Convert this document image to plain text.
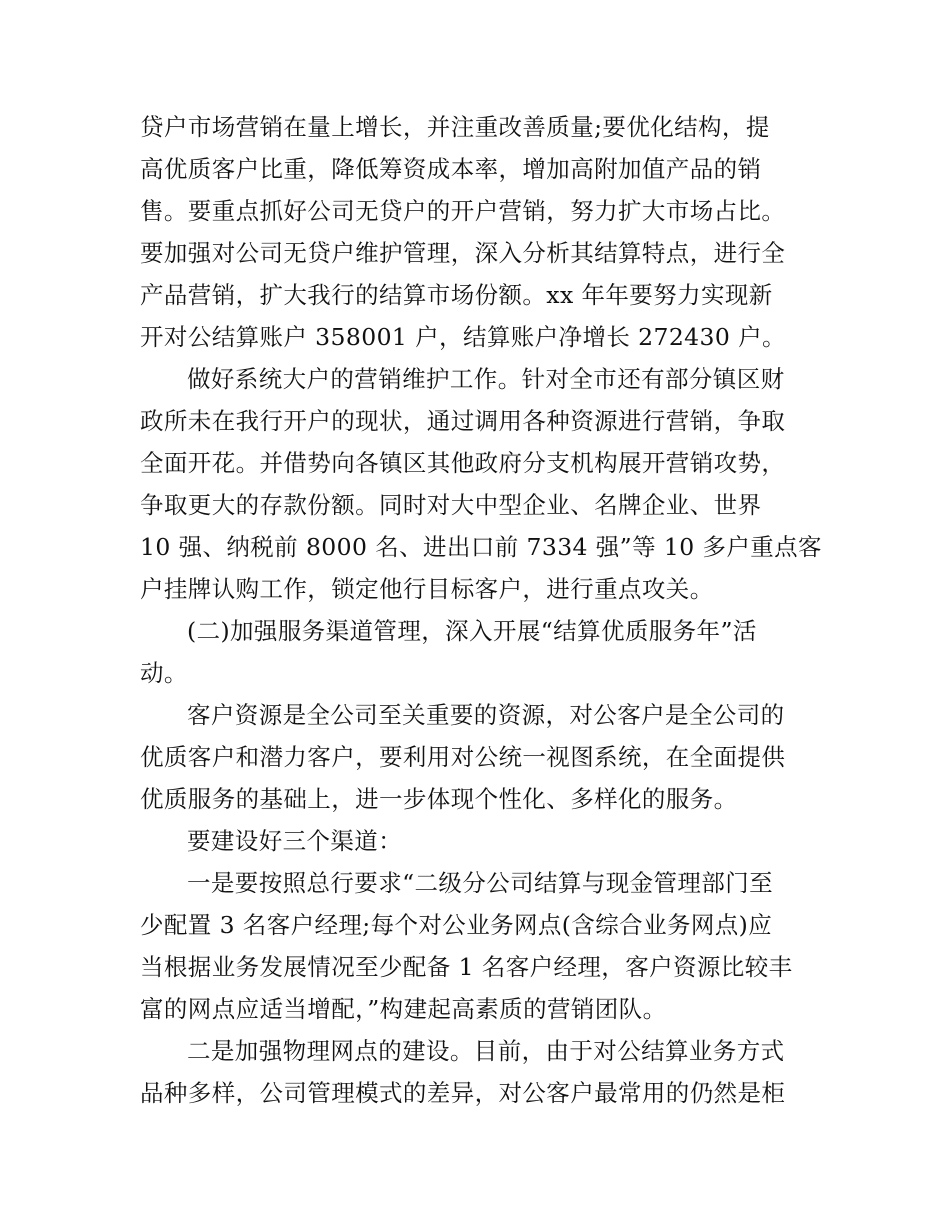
贷户市场营销在量上增长，并注重改善质量;要优化结构，提
高优质客户比重，降低筹资成本率，增加高附加值产品的销
售。要重点抓好公司无贷户的开户营销，努力扩大市场占比。
要加强对公司无贷户维护管理，深入分析其结算特点，进行全
产品营销，扩大我行的结算市场份额。xx 年年要努力实现新
开对公结算账户 358001 户，结算账户净增长 272430 户。
做好系统大户的营销维护工作。针对全市还有部分镇区财
政所未在我行开户的现状，通过调用各种资源进行营销，争取
全面开花。并借势向各镇区其他政府分支机构展开营销攻势，
争取更大的存款份额。同时对大中型企业、名牌企业、世界
10 强、纳税前 8000 名、进出口前 7334 强”等 10 多户重点客
户挂牌认购工作，锁定他行目标客户，进行重点攻关。
(二)加强服务渠道管理，深入开展“结算优质服务年”活
动。
客户资源是全公司至关重要的资源，对公客户是全公司的
优质客户和潜力客户，要利用对公统一视图系统，在全面提供
优质服务的基础上，进一步体现个性化、多样化的服务。
要建设好三个渠道：
一是要按照总行要求“二级分公司结算与现金管理部门至
少配置 3 名客户经理;每个对公业务网点(含综合业务网点)应
当根据业务发展情况至少配备 1 名客户经理，客户资源比较丰
富的网点应适当增配，”构建起高素质的营销团队。
二是加强物理网点的建设。目前，由于对公结算业务方式
品种多样，公司管理模式的差异，对公客户最常用的仍然是柜
